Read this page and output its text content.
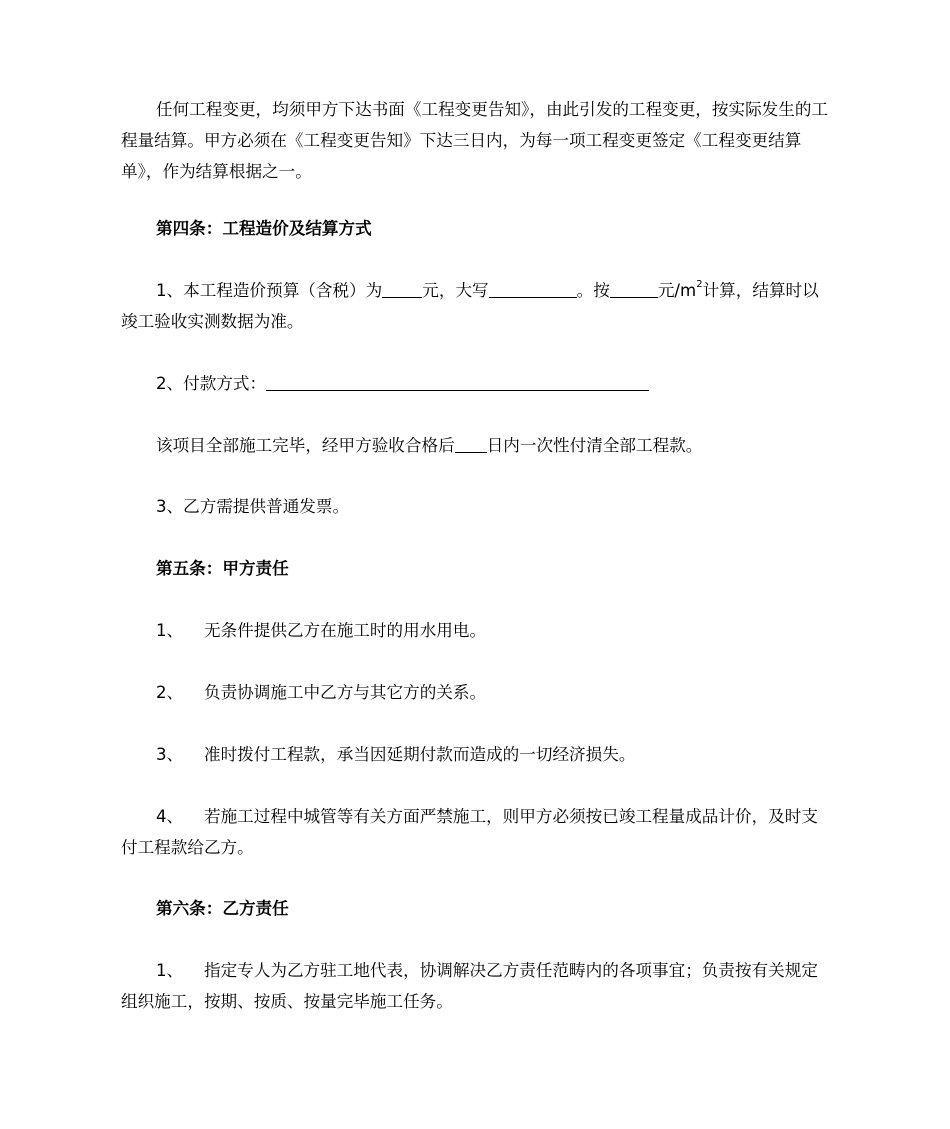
任何工程变更，均须甲方下达书面《工程变更告知》，由此引发的工程变更，按实际发生的工程量结算。甲方必须在《工程变更告知》下达三日内，为每一项工程变更签定《工程变更结算单》，作为结算根据之一。

第四条：工程造价及结算方式

1、本工程造价预算（含税）为 元，大写	。按	元$/m^2$计算，结算时以竣工验收实测数据为准。

2、付款方式：

该项目全部施工完毕，经甲方验收合格后 日内一次性付清全部工程款。

3、乙方需提供普通发票。

第五条：甲方责任

1、 无条件提供乙方在施工时的用水用电。

2、 负责协调施工中乙方与其它方的关系。

3、 准时拨付工程款，承当因延期付款而造成的一切经济损失。

4、 若施工过程中城管等有关方面严禁施工，则甲方必须按已竣工程量成品计价，及时支付工程款给乙方。

第六条：乙方责任

1、 指定专人为乙方驻工地代表，协调解决乙方责任范畴内的各项事宜；负责按有关规定组织施工，按期、按质、按量完毕施工任务。
